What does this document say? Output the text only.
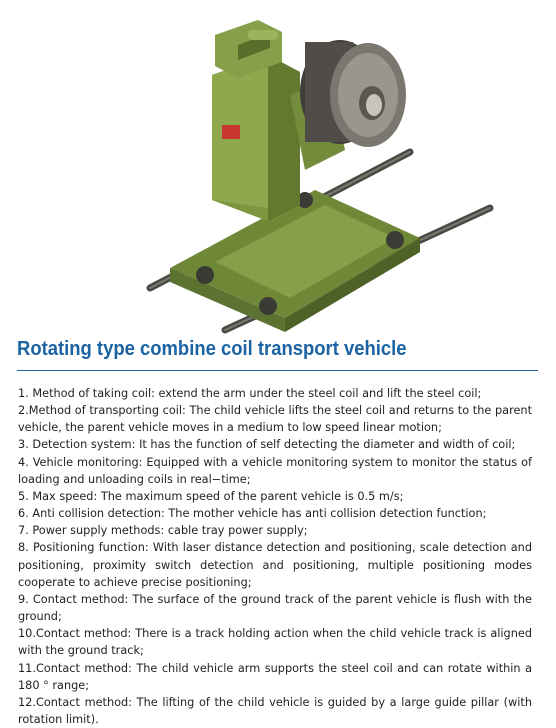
Rotating type combine coil transport vehicle

1. Method of taking coil: extend the arm under the steel coil and lift the steel coil;

2.Method of transporting coil: The child vehicle lifts the steel coil and returns to the parent vehicle, the parent vehicle moves in a medium to low speed linear motion;

3. Detection system: It has the function of self detecting the diameter and width of coil;

4. Vehicle monitoring: Equipped with a vehicle monitoring system to monitor the status of loading and unloading coils in real−time;

5. Max speed: The maximum speed of the parent vehicle is 0.5 m/s;

6. Anti collision detection: The mother vehicle has anti collision detection function;

7. Power supply methods: cable tray power supply;

8. Positioning function: With laser distance detection and positioning, scale detection and positioning, proximity switch detection and positioning, multiple positioning modes cooperate to achieve precise positioning;

9. Contact method: The surface of the ground track of the parent vehicle is flush with the ground;

10.Contact method: There is a track holding action when the child vehicle track is aligned with the ground track;

11.Contact method: The child vehicle arm supports the steel coil and can rotate within a 180 ° range;

12.Contact method: The lifting of the child vehicle is guided by a large guide pillar (with rotation limit).
